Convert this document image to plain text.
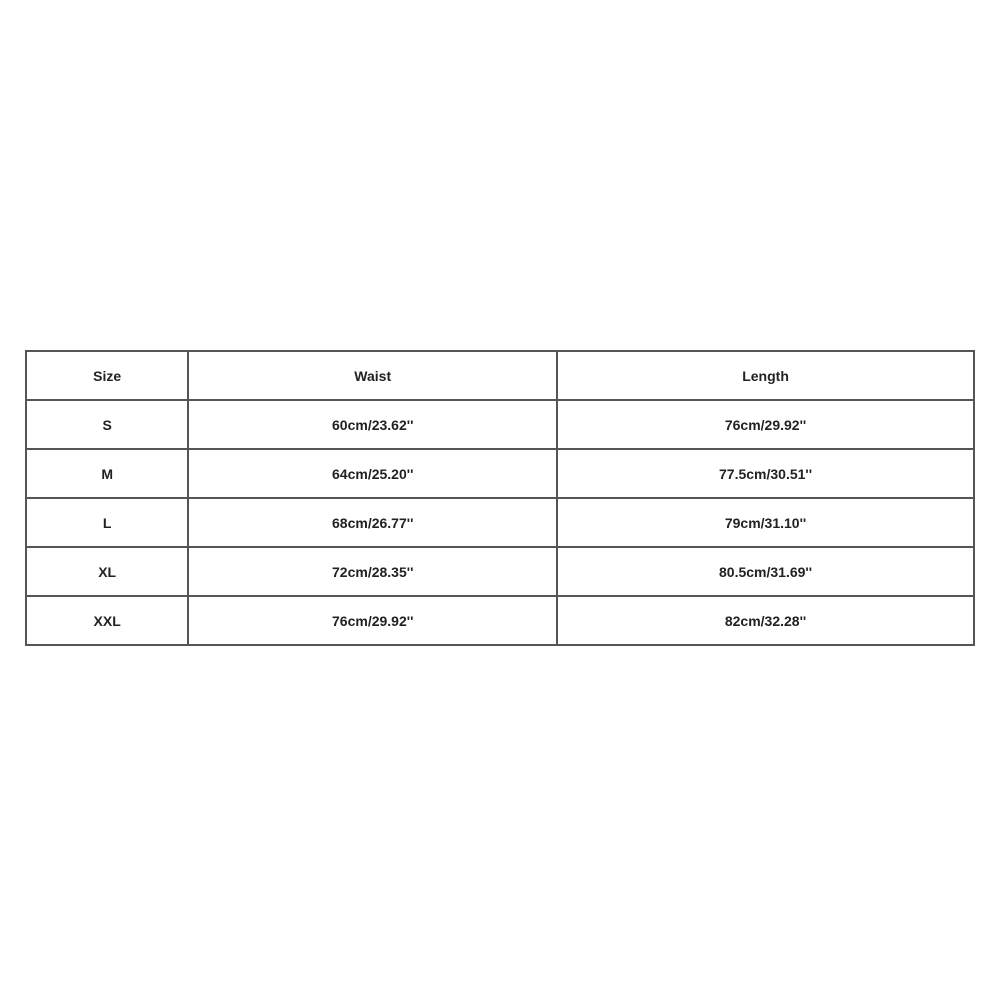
Size	Waist	Length
S	60cm/23.62''	76cm/29.92''
M	64cm/25.20''	77.5cm/30.51''
L	68cm/26.77''	79cm/31.10''
XL	72cm/28.35''	80.5cm/31.69''
XXL	76cm/29.92''	82cm/32.28''
